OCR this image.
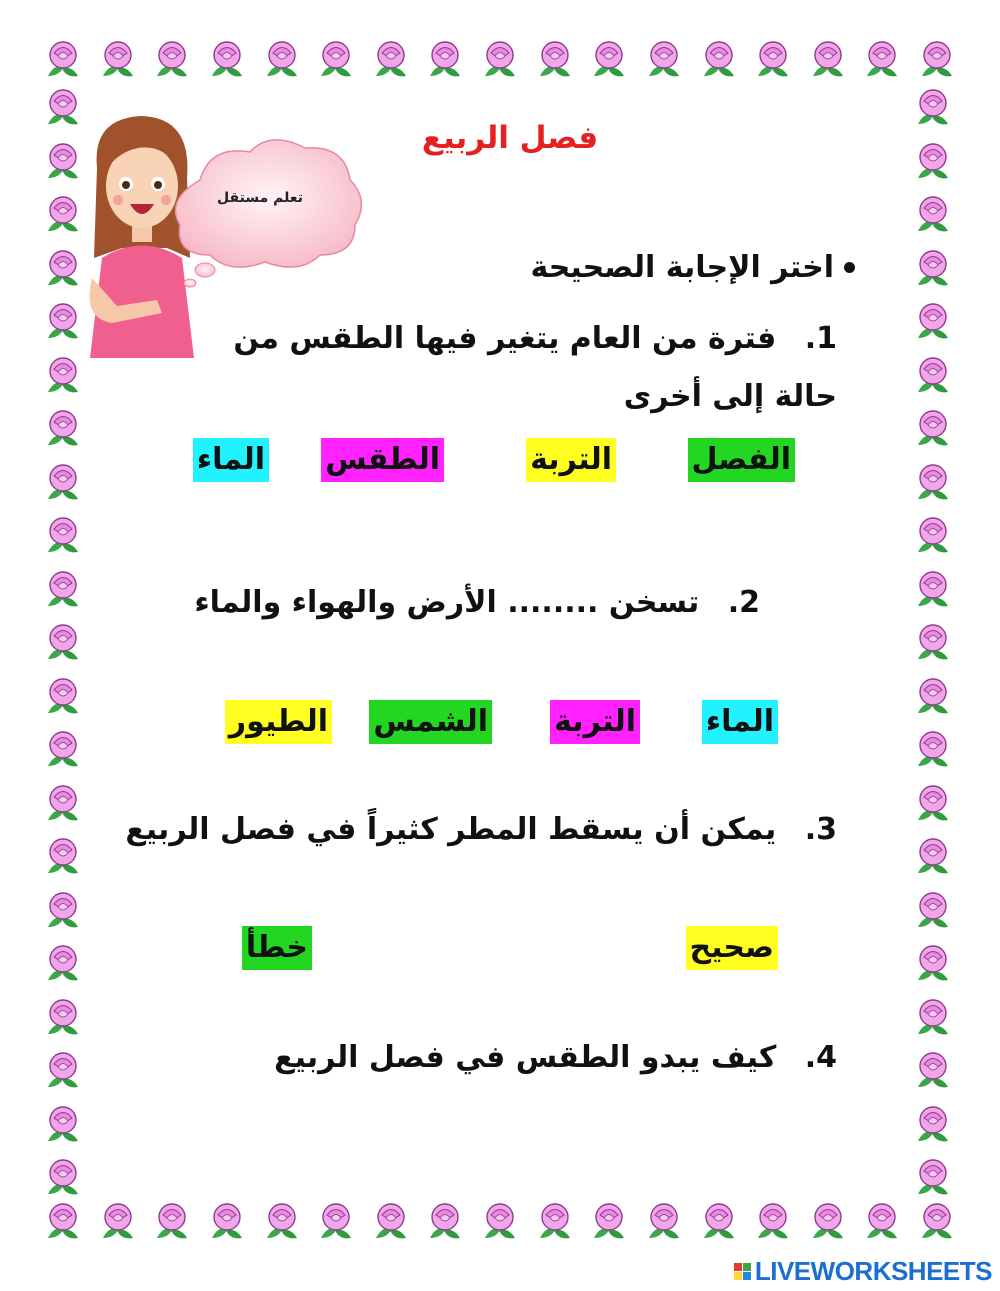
فصل الربيع
تعلم مستقل
اختر الإجابة الصحيحة
1. فترة من العام يتغير فيها الطقس من حالة إلى أخرى
الفصل
التربة
الطقس
الماء
2. تسخن ........ الأرض والهواء والماء
الماء
التربة
الشمس
الطيور
3. يمكن أن يسقط المطر كثيراً في فصل الربيع
صحيح
خطأ
4. كيف يبدو الطقس في فصل الربيع
LIVEWORKSHEETS
